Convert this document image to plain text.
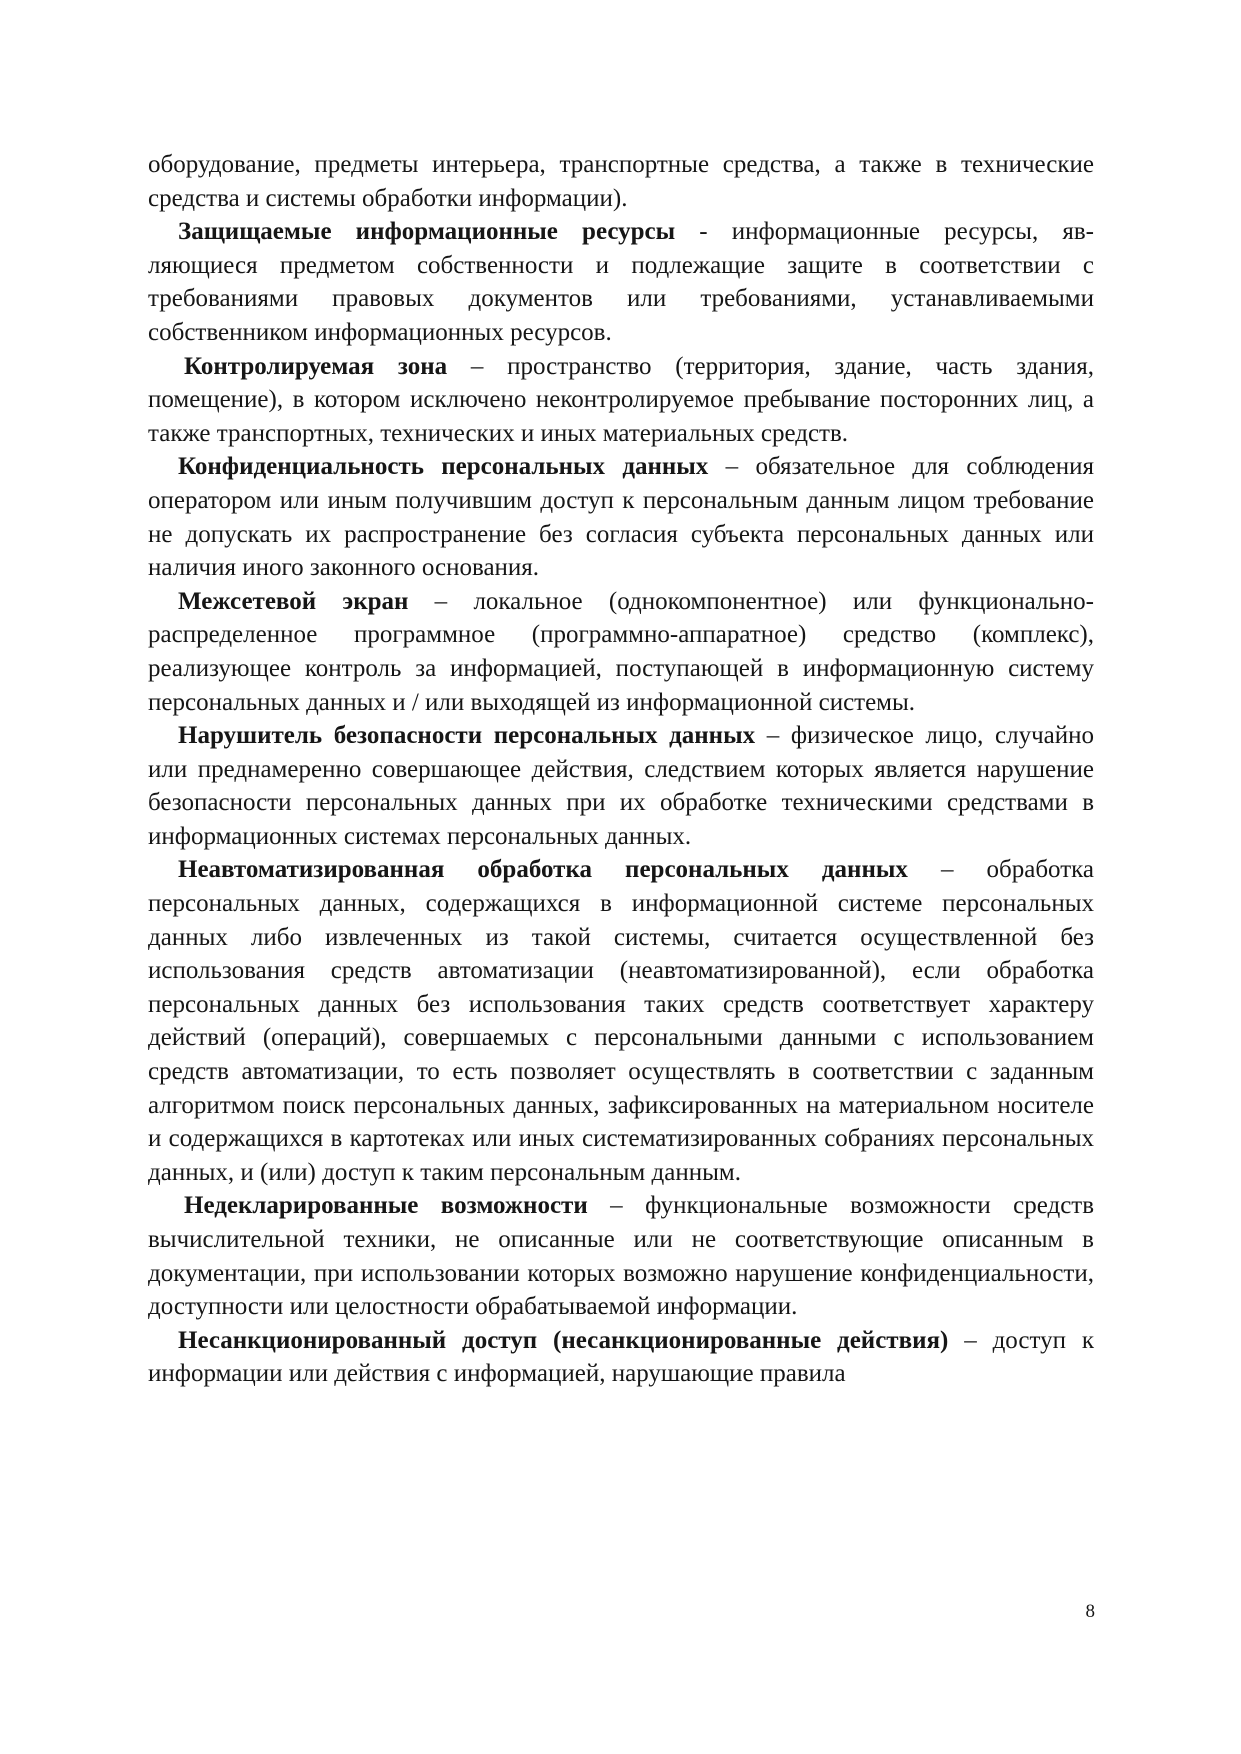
оборудование, предметы интерьера, транспортные средства, а также в технические средства и системы обработки информации).

Защищаемые информационные ресурсы - информационные ресурсы, яв-ляющиеся предметом собственности и подлежащие защите в соответствии с требованиями правовых документов или требованиями, устанавливаемыми собственником информационных ресурсов.

Контролируемая зона – пространство (территория, здание, часть здания, помещение), в котором исключено неконтролируемое пребывание посторонних лиц, а также транспортных, технических и иных материальных средств.

Конфиденциальность персональных данных – обязательное для соблюдения оператором или иным получившим доступ к персональным данным лицом требование не допускать их распространение без согласия субъекта персональных данных или наличия иного законного основания.

Межсетевой экран – локальное (однокомпонентное) или функционально-распределенное программное (программно-аппаратное) средство (комплекс), реализующее контроль за информацией, поступающей в информационную систему персональных данных и / или выходящей из информационной системы.

Нарушитель безопасности персональных данных – физическое лицо, случайно или преднамеренно совершающее действия, следствием которых является нарушение безопасности персональных данных при их обработке техническими средствами в информационных системах персональных данных.

Неавтоматизированная обработка персональных данных – обработка персональных данных, содержащихся в информационной системе персональных данных либо извлеченных из такой системы, считается осуществленной без использования средств автоматизации (неавтоматизированной), если обработка персональных данных без использования таких средств соответствует характеру действий (операций), совершаемых с персональными данными с использованием средств автоматизации, то есть позволяет осуществлять в соответствии с заданным алгоритмом поиск персональных данных, зафиксированных на материальном носителе и содержащихся в картотеках или иных систематизированных собраниях персональных данных, и (или) доступ к таким персональным данным.

Недекларированные возможности – функциональные возможности средств вычислительной техники, не описанные или не соответствующие описанным в документации, при использовании которых возможно нарушение конфиденциальности, доступности или целостности обрабатываемой информации.

Несанкционированный доступ (несанкционированные действия) – доступ к информации или действия с информацией, нарушающие правила

8
